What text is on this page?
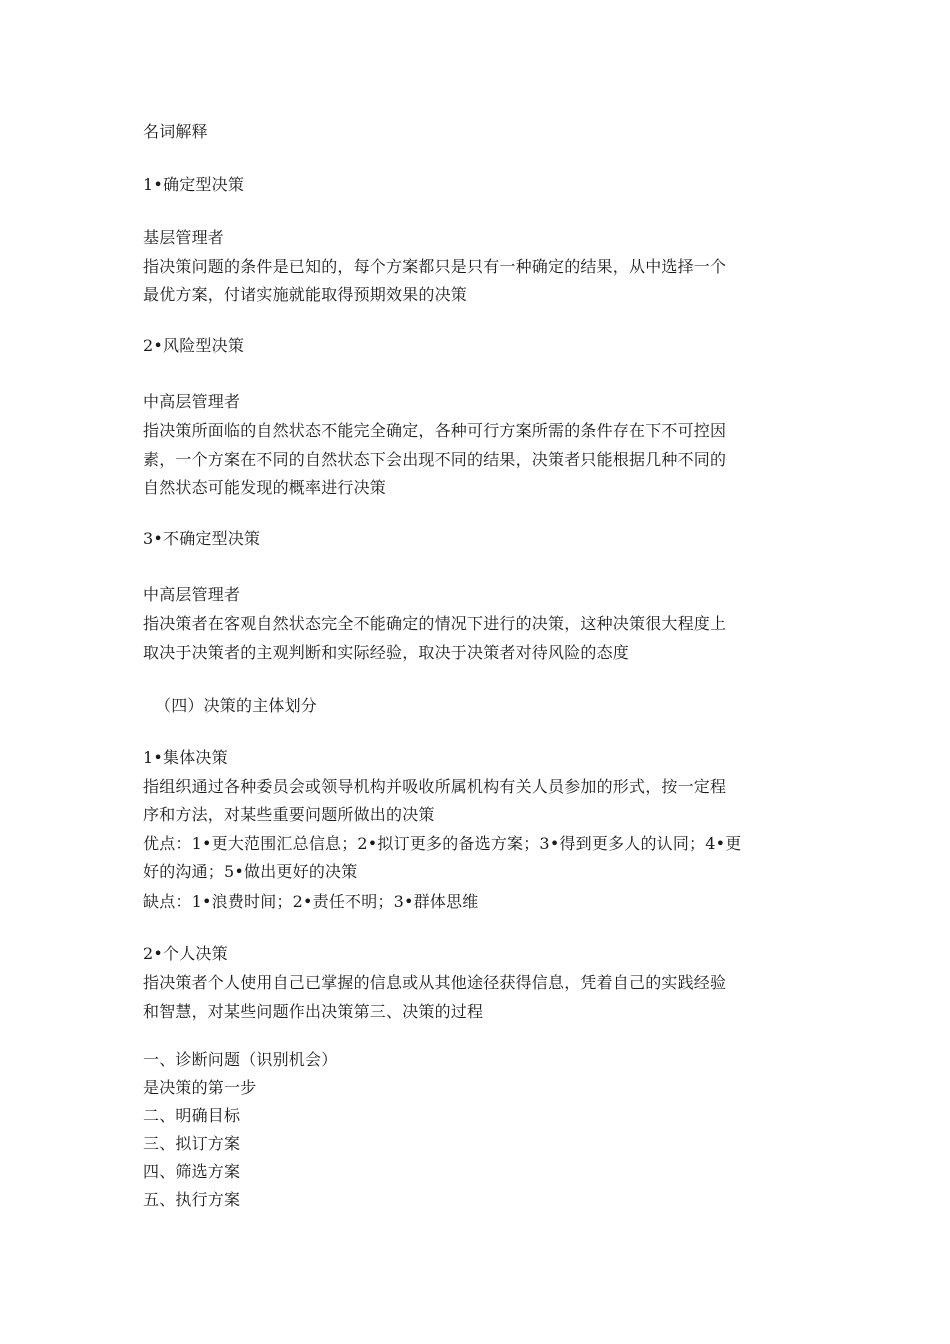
名词解释
1•确定型决策
基层管理者
指决策问题的条件是已知的，每个方案都只是只有一种确定的结果，从中选择一个
最优方案，付诸实施就能取得预期效果的决策
2•风险型决策
中高层管理者
指决策所面临的自然状态不能完全确定，各种可行方案所需的条件存在下不可控因
素，一个方案在不同的自然状态下会出现不同的结果，决策者只能根据几种不同的
自然状态可能发现的概率进行决策
3•不确定型决策
中高层管理者
指决策者在客观自然状态完全不能确定的情况下进行的决策，这种决策很大程度上
取决于决策者的主观判断和实际经验，取决于决策者对待风险的态度
（四）决策的主体划分
1•集体决策
指组织通过各种委员会或领导机构并吸收所属机构有关人员参加的形式，按一定程
序和方法，对某些重要问题所做出的决策
优点：1•更大范围汇总信息；2•拟订更多的备选方案；3•得到更多人的认同；4•更
好的沟通；5•做出更好的决策
缺点：1•浪费时间；2•责任不明；3•群体思维
2•个人决策
指决策者个人使用自己已掌握的信息或从其他途径获得信息，凭着自己的实践经验
和智慧，对某些问题作出决策第三、决策的过程
一、诊断问题（识别机会）
是决策的第一步
二、明确目标
三、拟订方案
四、筛选方案
五、执行方案
